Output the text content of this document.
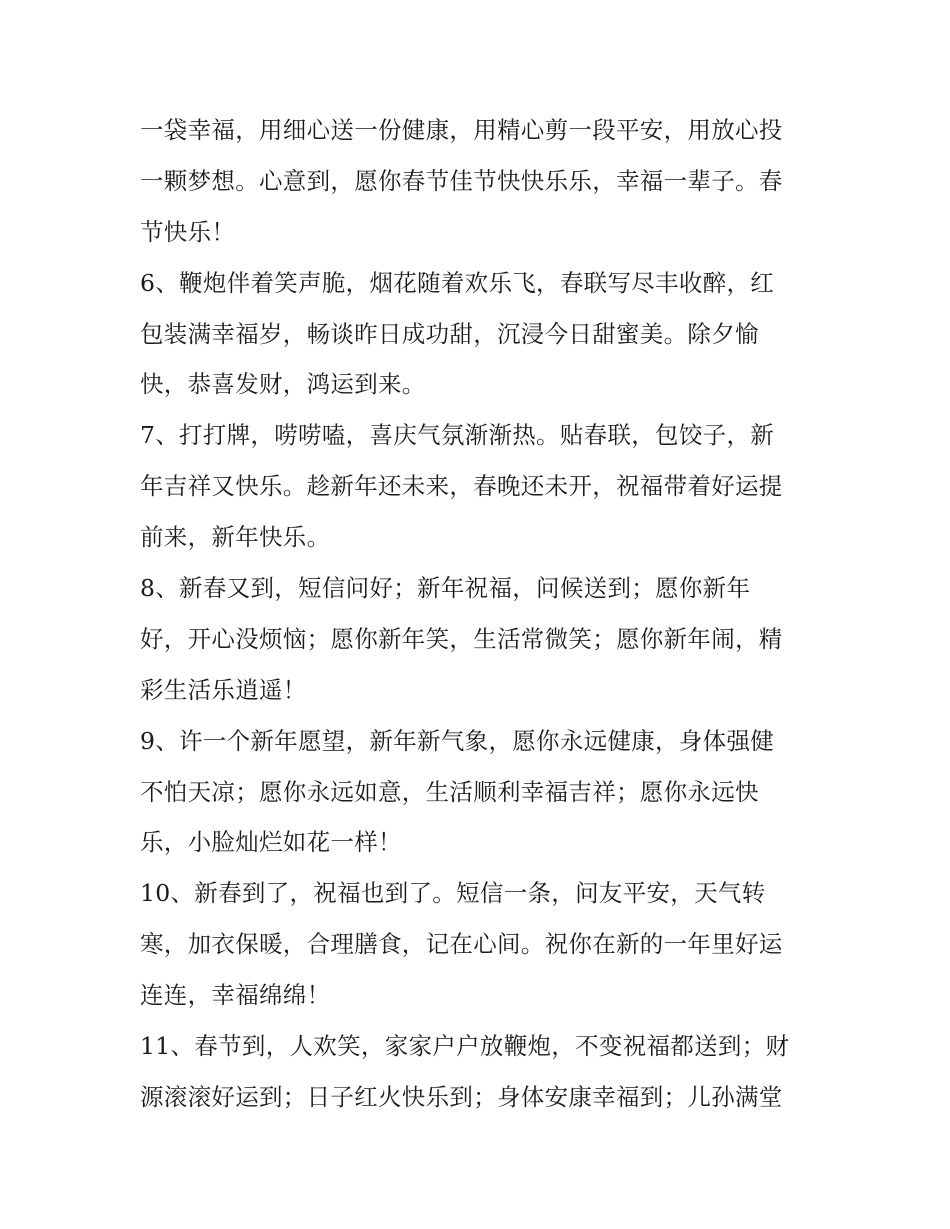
一袋幸福，用细心送一份健康，用精心剪一段平安，用放心投
一颗梦想。心意到，愿你春节佳节快快乐乐，幸福一辈子。春
节快乐！
6、鞭炮伴着笑声脆，烟花随着欢乐飞，春联写尽丰收醉，红
包装满幸福岁，畅谈昨日成功甜，沉浸今日甜蜜美。除夕愉
快，恭喜发财，鸿运到来。
7、打打牌，唠唠嗑，喜庆气氛渐渐热。贴春联，包饺子，新
年吉祥又快乐。趁新年还未来，春晚还未开，祝福带着好运提
前来，新年快乐。
8、新春又到，短信问好；新年祝福，问候送到；愿你新年
好，开心没烦恼；愿你新年笑，生活常微笑；愿你新年闹，精
彩生活乐逍遥！
9、许一个新年愿望，新年新气象，愿你永远健康，身体强健
不怕天凉；愿你永远如意，生活顺利幸福吉祥；愿你永远快
乐，小脸灿烂如花一样！
10、新春到了，祝福也到了。短信一条，问友平安，天气转
寒，加衣保暖，合理膳食，记在心间。祝你在新的一年里好运
连连，幸福绵绵！
11、春节到，人欢笑，家家户户放鞭炮，不变祝福都送到；财
源滚滚好运到；日子红火快乐到；身体安康幸福到；儿孙满堂
